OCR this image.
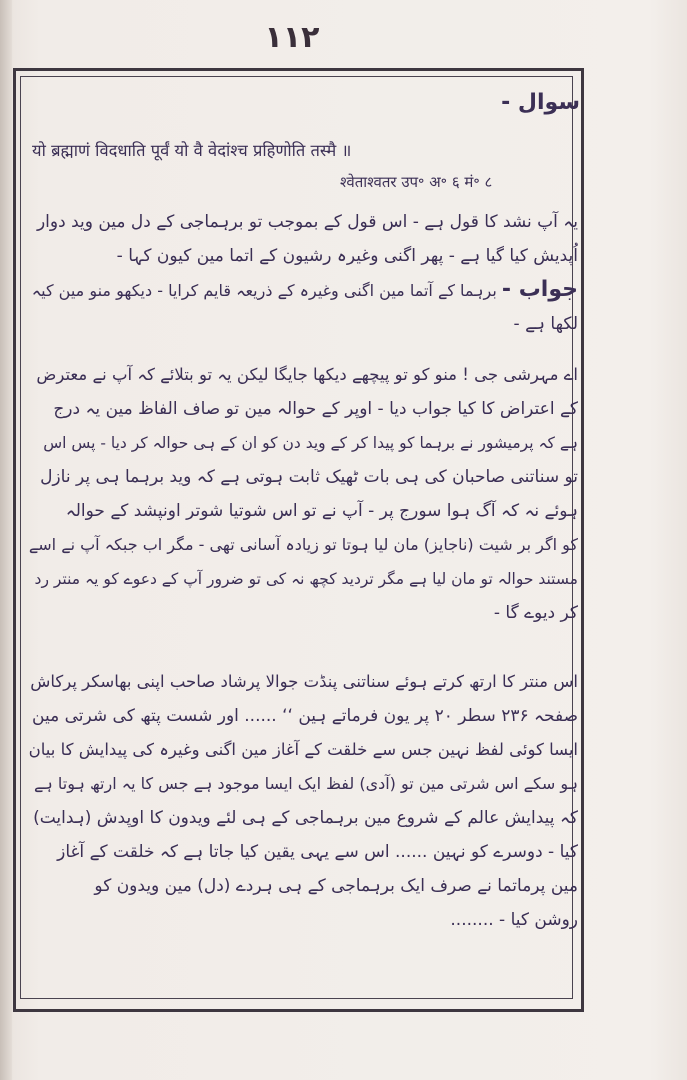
۱۱۲
سوال -
यो ब्रह्माणं विदधाति पूर्वं यो वै वेदांश्च प्रहिणोति तस्मै ॥
श्वेताश्वतर उप॰ अ॰ ६ मं॰ ८
یہ آپ نشد کا قول ہے - اس قول کے بموجب تو برہماجی کے دل مین وید دوار
اُپدیش کیا گیا ہے - پھر اگنی وغیرہ رشیون کے اتما مین کیون کہا -
جواب - برہما کے آتما مین اگنی وغیرہ کے ذریعہ قایم کرایا - دیکھو منو مین کیہ
لکھا ہے -
اے مہرشی جی ! منو کو تو پیچھے دیکھا جایگا لیکن یہ تو بتلائے کہ آپ نے معترض
کے اعتراض کا کیا جواب دیا - اوپر کے حوالہ مین تو صاف الفاظ مین یہ درج
ہے کہ پرمیشور نے برہما کو پیدا کر کے وید دن کو ان کے ہی حوالہ کر دیا - پس اس
تو سناتنی صاحبان کی ہی بات ٹھیک ثابت ہوتی ہے کہ وید برہما ہی پر نازل
ہوئے نہ کہ آگ ہوا سورج پر - آپ نے تو اس شوتیا شوتر اونپشد کے حوالہ
کو اگر بر شیت (ناجایز) مان لیا ہوتا تو زیادہ آسانی تھی - مگر اب جبکہ آپ نے اسے
مستند حوالہ تو مان لیا ہے مگر تردید کچھ نہ کی تو ضرور آپ کے دعوے کو یہ منتر رد
کر دیوے گا -
اس منتر کا ارتھ کرتے ہوئے سناتنی پنڈت جوالا پرشاد صاحب اپنی بھاسکر پرکاش
صفحہ ۲۳۶ سطر ۲۰ پر یون فرماتے ہین ‘‘ ...... اور شست پتھ کی شرتی مین
ایسا کوئی لفظ نہین جس سے خلقت کے آغاز مین اگنی وغیرہ کی پیدایش کا بیان
ہو سکے اس شرتی مین تو (آدی) لفظ ایک ایسا موجود ہے جس کا یہ ارتھ ہوتا ہے
کہ پیدایش عالم کے شروع مین برہماجی کے ہی لئے ویدون کا اوپدش (ہدایت)
کیا - دوسرے کو نہین ...... اس سے یہی یقین کیا جاتا ہے کہ خلقت کے آغاز
مین پرماتما نے صرف ایک برہماجی کے ہی ہردے (دل) مین ویدون کو
روشن کیا - ........
